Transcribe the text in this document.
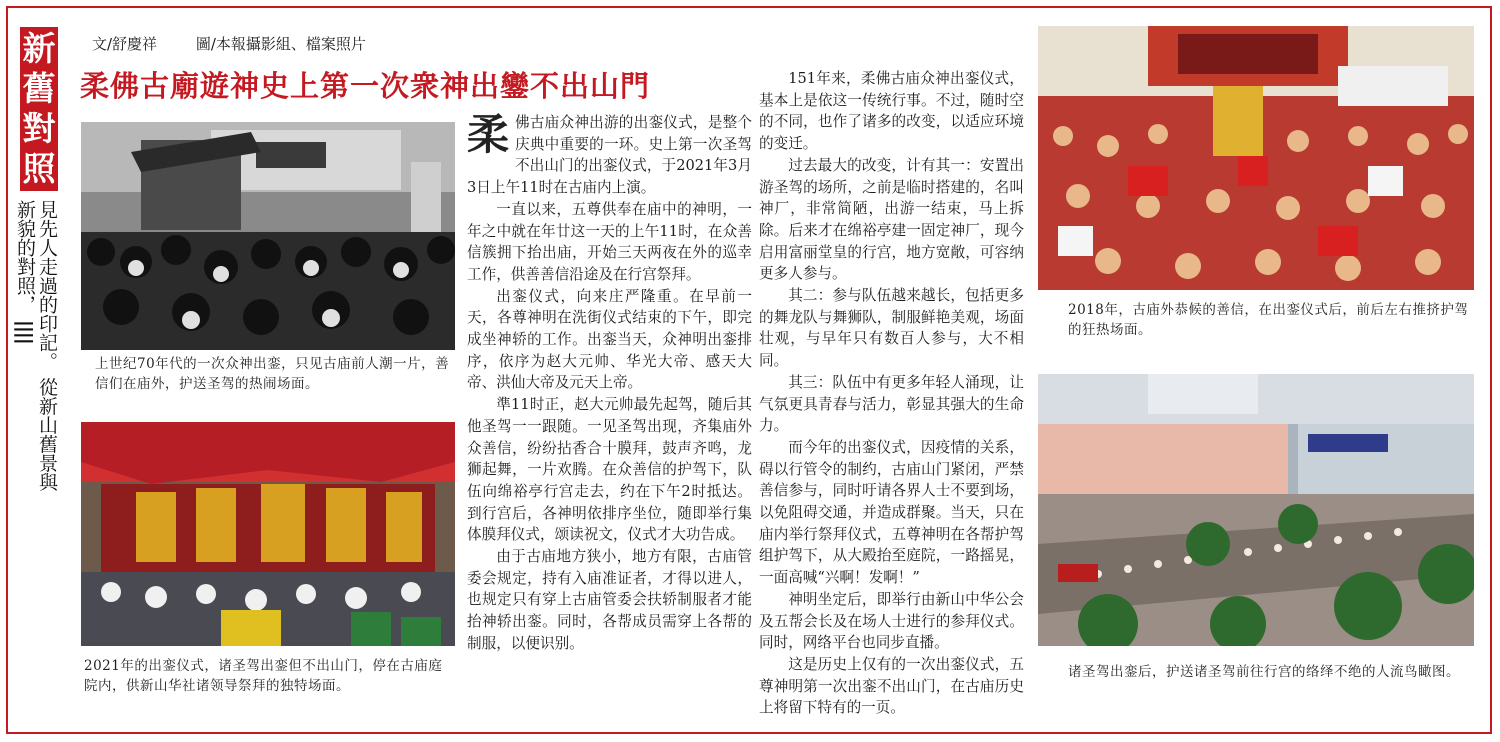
新
舊
對
照
見先人走過的印記。 從新山舊景與新貌的對照， ||||
文/舒慶祥	圖/本報攝影組、檔案照片
柔佛古廟遊神史上第一次衆神出鑾不出山門
上世纪70年代的一次众神出銮，只见古庙前人潮一片，善信们在庙外，护送圣驾的热闹场面。
2021年的出銮仪式，诸圣驾出銮但不出山门，停在古庙庭院内，供新山华社诸领导祭拜的独特场面。

柔佛古庙众神出游的出銮仪式，是整个庆典中重要的一环。史上第一次圣驾不出山门的出銮仪式，于2021年3月3日上午11时在古庙内上演。

一直以来，五尊供奉在庙中的神明，一年之中就在年廿这一天的上午11时，在众善信簇拥下抬出庙，开始三天两夜在外的巡幸工作，供善善信沿途及在行宫祭拜。

出銮仪式，向来庄严隆重。在早前一天，各尊神明在洗街仪式结束的下午，即完成坐神轿的工作。出銮当天，众神明出銮排序，依序为赵大元帅、华光大帝、感天大帝、洪仙大帝及元天上帝。

準11时正，赵大元帅最先起驾，随后其他圣驾一一跟随。一见圣驾出现，齐集庙外众善信，纷纷拈香合十膜拜，鼓声齐鸣，龙狮起舞，一片欢腾。在众善信的护驾下，队伍向绵裕亭行宫走去，约在下午2时抵达。到行宫后，各神明依排序坐位，随即举行集体膜拜仪式，颂读祝文，仪式才大功告成。

由于古庙地方狭小，地方有限，古庙管委会规定，持有入庙准证者，才得以进人，也规定只有穿上古庙管委会扶轿制服者才能抬神轿出銮。同时，各帮成员需穿上各帮的制服，以便识别。

151年来，柔佛古庙众神出銮仪式，基本上是依这一传统行事。不过，随时空的不同，也作了诸多的改变，以适应环境的变迁。

过去最大的改变，计有其一：安置出游圣驾的场所，之前是临时搭建的，名叫神厂，非常简陋，出游一结束，马上拆除。后来才在绵裕亭建一固定神厂，现今启用富丽堂皇的行宫，地方宽敞，可容纳更多人参与。

其二：参与队伍越来越长，包括更多的舞龙队与舞狮队，制服鲜艳美观，场面壮观，与早年只有数百人参与，大不相同。

其三：队伍中有更多年轻人涌现，让气氛更具青春与活力，彰显其强大的生命力。

而今年的出銮仪式，因疫情的关系，碍以行管令的制约，古庙山门紧闭，严禁善信参与，同时吁请各界人士不要到场，以免阻碍交通，并造成群聚。当天，只在庙内举行祭拜仪式，五尊神明在各帮护驾组护驾下，从大殿抬至庭院，一路摇晃，一面高喊“兴啊！发啊！”

神明坐定后，即举行由新山中华公会及五帮会长及在场人士进行的参拜仪式。同时，网络平台也同步直播。

这是历史上仅有的一次出銮仪式，五尊神明第一次出銮不出山门，在古庙历史上将留下特有的一页。

2018年，古庙外恭候的善信，在出銮仪式后，前后左右推挤护驾的狂热场面。
诸圣驾出銮后，护送诸圣驾前往行宫的络绎不绝的人流鸟瞰图。
